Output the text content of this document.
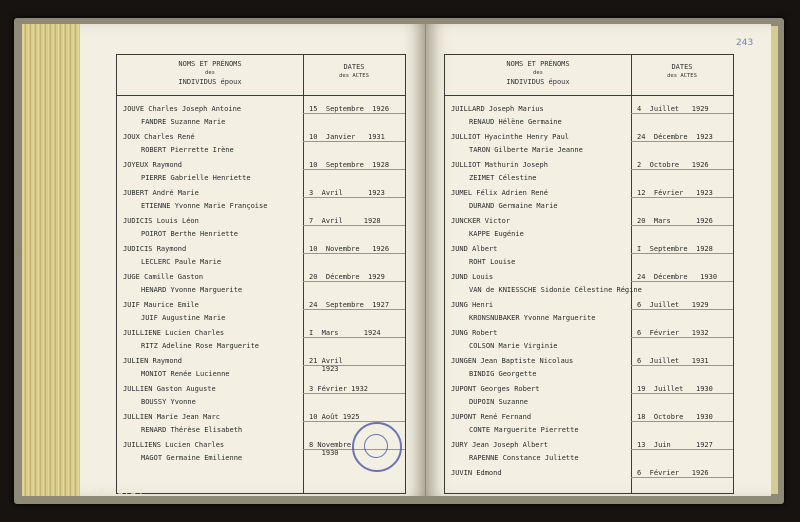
NOMS ET PRÉNOMS
des
INDIVIDUS époux
DATES

des ACTES
JOUVE Charles Joseph Antoine
FANDRE Suzanne Marie
15  Septembre  1926
JOUX Charles René
ROBERT Pierrette Irène
10  Janvier   1931
JOYEUX Raymond
PIERRE Gabrielle Henriette
10  Septembre  1928
JUBERT André Marie
ETIENNE Yvonne Marie Françoise
3  Avril      1923
JUDICIS Louis Léon
POIROT Berthe Henriette
7  Avril     1928
JUDICIS Raymond
LECLERC Paule Marie
10  Novembre   1926
JUGE Camille Gaston
HENARD Yvonne Marguerite
20  Décembre  1929
JUIF Maurice Emile
JUIF Augustine Marie
24  Septembre  1927
JUILLIENE Lucien Charles
RITZ Adeline Rose Marguerite
I  Mars      1924
JULIEN Raymond
MONIOT Renée Lucienne
21 Avril
1923
JULLIEN Gaston Auguste
BOUSSY Yvonne
3 Février 1932
JULLIEN Marie Jean Marc
RENARD Thérèse Elisabeth
10 Août 1925
JUILLIENS Lucien Charles
MAGOT Germaine Emilienne
8 Novembre
1930
243
NOMS ET PRÉNOMS
des
INDIVIDUS époux
DATES

des ACTES
JUILLARD Joseph Marius
RENAUD Hélène Germaine
4  Juillet   1929
JULLIOT Hyacinthe Henry Paul
TARON Gilberte Marie Jeanne
24  Décembre  1923
JULLIOT Mathurin Joseph
ZEIMET Célestine
2  Octobre   1926
JUMEL Félix Adrien René
DURAND Germaine Marie
12  Février   1923
JUNCKER Victor
KAPPE Eugénie
20  Mars      1926
JUND Albert
ROHT Louise
I  Septembre  1928
JUND Louis
VAN de KNIESSCHE Sidonie Célestine Régine
24  Décembre   1930
JUNG Henri
KRONSNUBAKER Yvonne Marguerite
6  Juillet   1929
JUNG Robert
COLSON Marie Virginie
6  Février   1932
JUNGEN Jean Baptiste Nicolaus
BINDIG Georgette
6  Juillet   1931
JUPONT Georges Robert
DUPOIN Suzanne
19  Juillet   1930
JUPONT René Fernand
CONTE Marguerite Pierrette
18  Octobre   1930
JURY Jean Joseph Albert
RAPENNE Constance Juliette
13  Juin      1927
JUVIN Edmond	6  Février   1926
SP 84749
